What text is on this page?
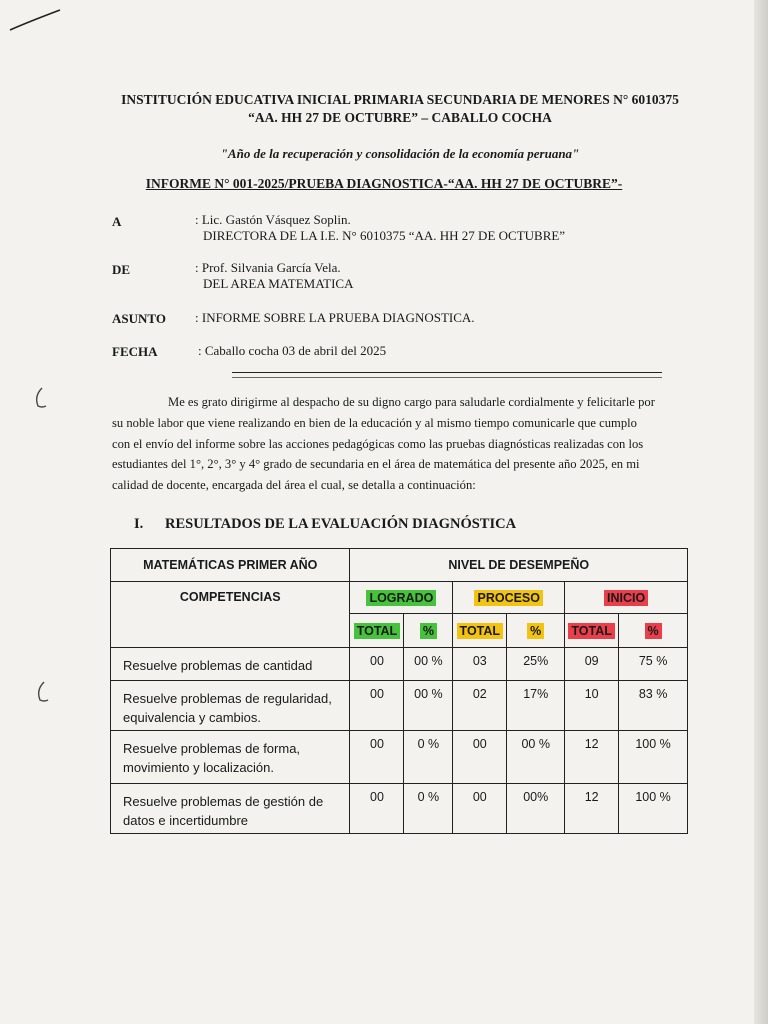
INSTITUCIÓN EDUCATIVA INICIAL PRIMARIA SECUNDARIA DE MENORES N° 6010375
“AA. HH 27 DE OCTUBRE” – CABALLO COCHA
"Año de la recuperación y consolidación de la economía peruana"
INFORME N° 001-2025/PRUEBA DIAGNOSTICA-“AA. HH 27 DE OCTUBRE”-
A	: Lic. Gastón Vásquez Soplin.
DIRECTORA DE LA I.E. N° 6010375 “AA. HH 27 DE OCTUBRE”
DE	: Prof. Silvania García Vela.
DEL AREA MATEMATICA
ASUNTO : INFORME SOBRE LA PRUEBA DIAGNOSTICA.
FECHA	: Caballo cocha 03 de abril del 2025
Me es grato dirigirme al despacho de su digno cargo para saludarle cordialmente y felicitarle por
su noble labor que viene realizando en bien de la educación y al mismo tiempo comunicarle que cumplo
con el envío del informe sobre las acciones pedagógicas como las pruebas diagnósticas realizadas con los
estudiantes del 1°, 2°, 3° y 4° grado de secundaria en el área de matemática del presente año 2025, en mi
calidad de docente, encargada del área el cual, se detalla a continuación:
I. RESULTADOS DE LA EVALUACIÓN DIAGNÓSTICA
MATEMÁTICAS PRIMER AÑO	NIVEL DE DESEMPEÑO					
COMPETENCIAS	LOGRADO		PROCESO		INICIO	
	TOTAL	%	TOTAL	%	TOTAL	%
Resuelve problemas de cantidad	00	00 %	03	25%	09	75 %
Resuelve problemas de regularidad, equivalencia y cambios.	00	00 %	02	17%	10	83 %
Resuelve problemas de forma, movimiento y localización.	00	0 %	00	00 %	12	100 %
Resuelve problemas de gestión de datos e incertidumbre	00	0 %	00	00%	12	100 %
